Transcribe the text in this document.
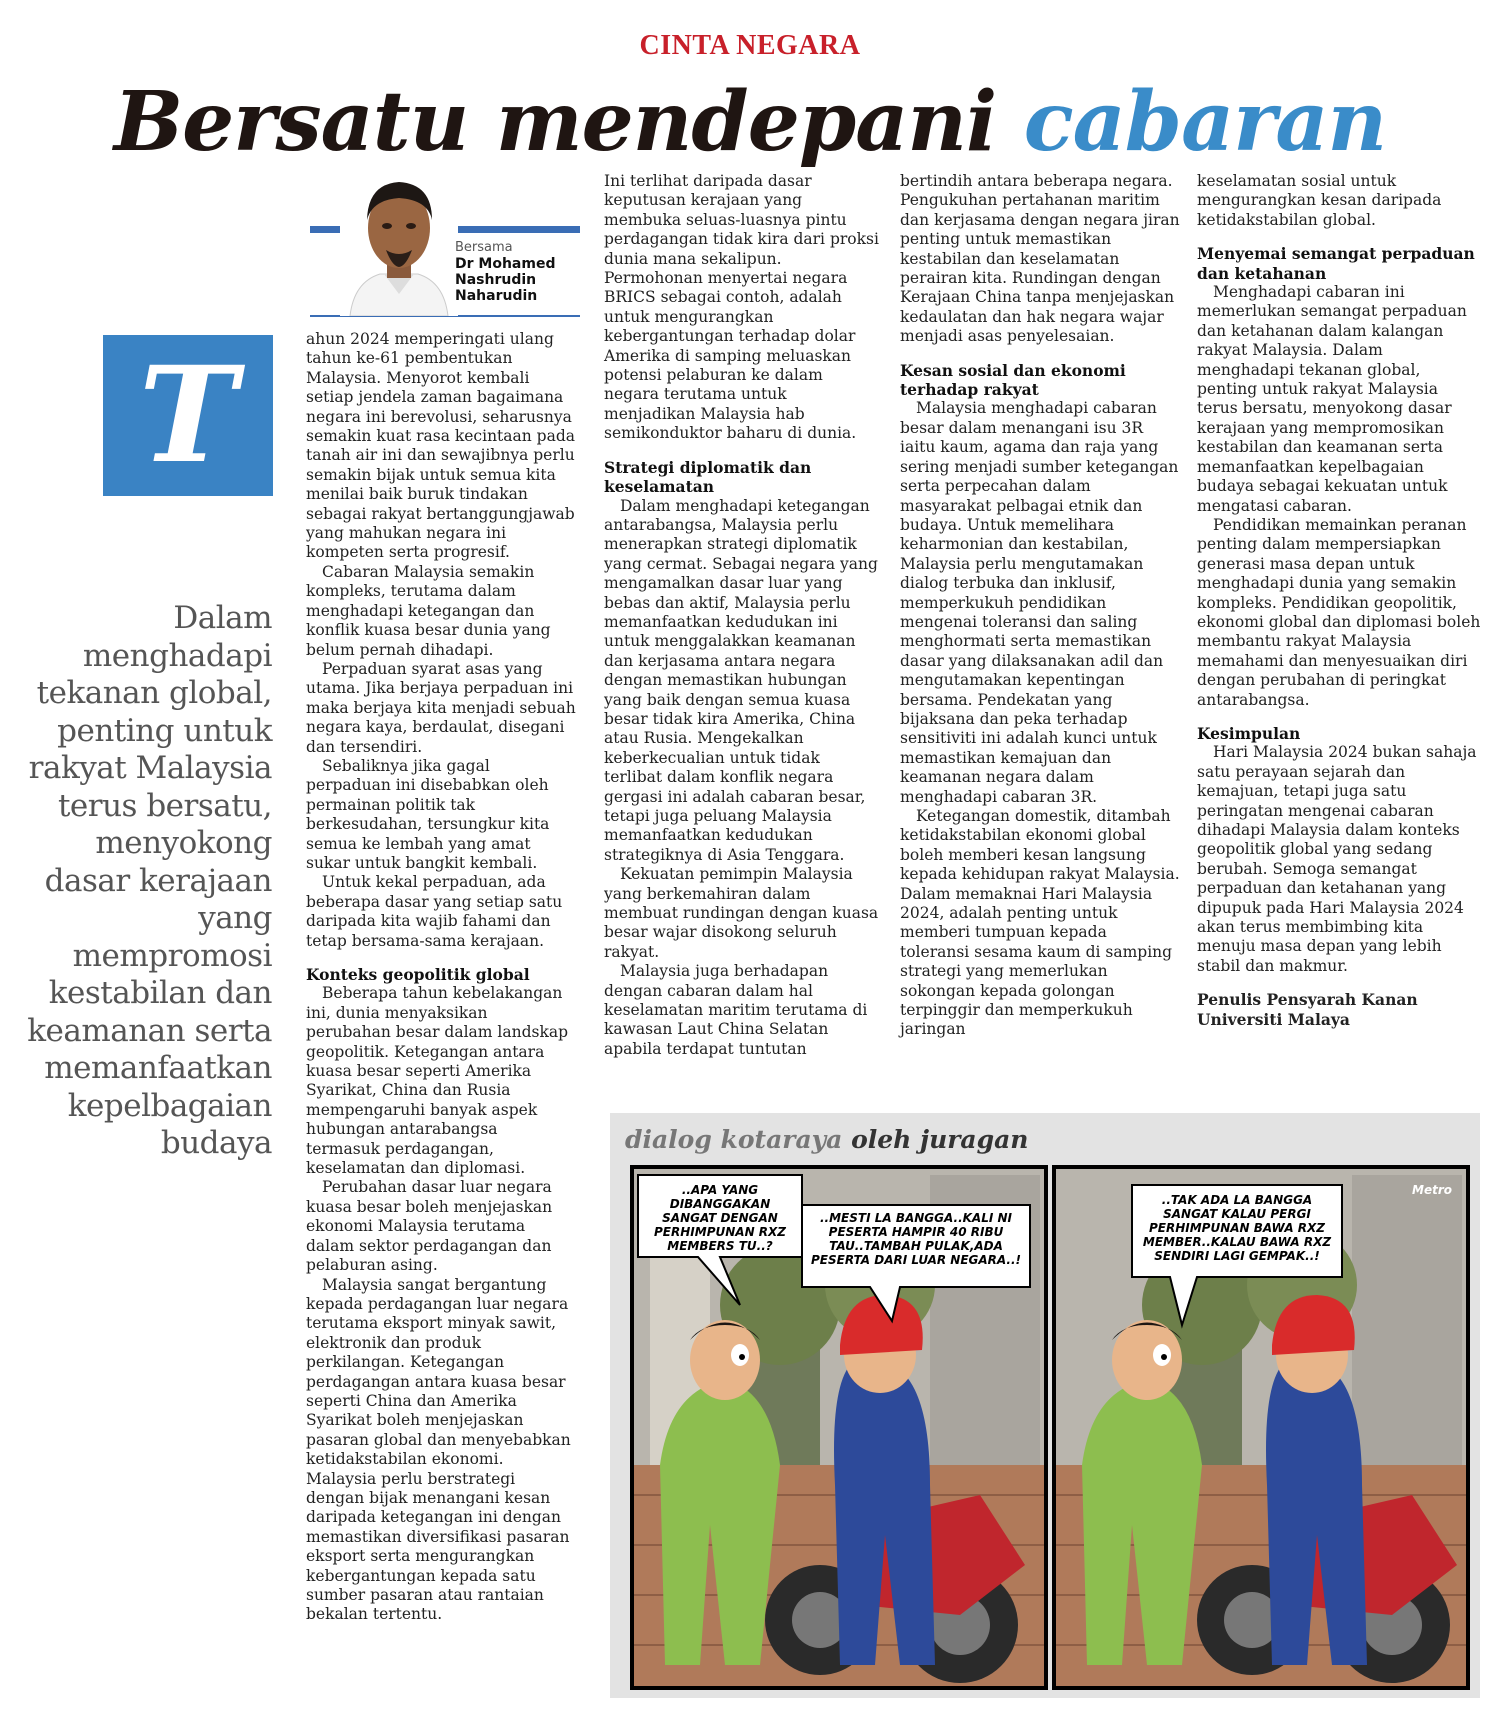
CINTA NEGARA
Bersatu mendepani cabaran
Bersama
Dr Mohamed
Nashrudin
Naharudin
T
Dalam menghadapi tekanan global, penting untuk rakyat Malaysia terus bersatu, menyokong dasar kerajaan yang mempromosi kestabilan dan keamanan serta memanfaatkan kepelbagaian budaya

ahun 2024 memperingati ulang tahun ke-61 pembentukan Malaysia. Menyorot kembali setiap jendela zaman bagaimana negara ini berevolusi, seharusnya semakin kuat rasa kecintaan pada tanah air ini dan sewajibnya perlu semakin bijak untuk semua kita menilai baik buruk tindakan sebagai rakyat bertanggungjawab yang mahukan negara ini kompeten serta progresif.

Cabaran Malaysia semakin kompleks, terutama dalam menghadapi ketegangan dan konflik kuasa besar dunia yang belum pernah dihadapi.

Perpaduan syarat asas yang utama. Jika berjaya perpaduan ini maka berjaya kita menjadi sebuah negara kaya, berdaulat, disegani dan tersendiri.

Sebaliknya jika gagal perpaduan ini disebabkan oleh permainan politik tak berkesudahan, tersungkur kita semua ke lembah yang amat sukar untuk bangkit kembali.

Untuk kekal perpaduan, ada beberapa dasar yang setiap satu daripada kita wajib fahami dan tetap bersama-sama kerajaan.

Konteks geopolitik global

Beberapa tahun kebelakangan ini, dunia menyaksikan perubahan besar dalam landskap geopolitik. Ketegangan antara kuasa besar seperti Amerika Syarikat, China dan Rusia mempengaruhi banyak aspek hubungan antarabangsa termasuk perdagangan, keselamatan dan diplomasi.

Perubahan dasar luar negara kuasa besar boleh menjejaskan ekonomi Malaysia terutama dalam sektor perdagangan dan pelaburan asing.

Malaysia sangat bergantung kepada perdagangan luar negara terutama eksport minyak sawit, elektronik dan produk perkilangan. Ketegangan perdagangan antara kuasa besar seperti China dan Amerika Syarikat boleh menjejaskan pasaran global dan menyebabkan ketidakstabilan ekonomi. Malaysia perlu berstrategi dengan bijak menangani kesan daripada ketegangan ini dengan memastikan diversifikasi pasaran eksport serta mengurangkan kebergantungan kepada satu sumber pasaran atau rantaian bekalan tertentu.

Ini terlihat daripada dasar keputusan kerajaan yang membuka seluas-luasnya pintu perdagangan tidak kira dari proksi dunia mana sekalipun. Permohonan menyertai negara BRICS sebagai contoh, adalah untuk mengurangkan kebergantungan terhadap dolar Amerika di samping meluaskan potensi pelaburan ke dalam negara terutama untuk menjadikan Malaysia hab semikonduktor baharu di dunia.

Strategi diplomatik dan keselamatan

Dalam menghadapi ketegangan antarabangsa, Malaysia perlu menerapkan strategi diplomatik yang cermat. Sebagai negara yang mengamalkan dasar luar yang bebas dan aktif, Malaysia perlu memanfaatkan kedudukan ini untuk menggalakkan keamanan dan kerjasama antara negara dengan memastikan hubungan yang baik dengan semua kuasa besar tidak kira Amerika, China atau Rusia. Mengekalkan keberkecualian untuk tidak terlibat dalam konflik negara gergasi ini adalah cabaran besar, tetapi juga peluang Malaysia memanfaatkan kedudukan strategiknya di Asia Tenggara.

Kekuatan pemimpin Malaysia yang berkemahiran dalam membuat rundingan dengan kuasa besar wajar disokong seluruh rakyat.

Malaysia juga berhadapan dengan cabaran dalam hal keselamatan maritim terutama di kawasan Laut China Selatan apabila terdapat tuntutan

bertindih antara beberapa negara. Pengukuhan pertahanan maritim dan kerjasama dengan negara jiran penting untuk memastikan kestabilan dan keselamatan perairan kita. Rundingan dengan Kerajaan China tanpa menjejaskan kedaulatan dan hak negara wajar menjadi asas penyelesaian.

Kesan sosial dan ekonomi terhadap rakyat

Malaysia menghadapi cabaran besar dalam menangani isu 3R iaitu kaum, agama dan raja yang sering menjadi sumber ketegangan serta perpecahan dalam masyarakat pelbagai etnik dan budaya. Untuk memelihara keharmonian dan kestabilan, Malaysia perlu mengutamakan dialog terbuka dan inklusif, memperkukuh pendidikan mengenai toleransi dan saling menghormati serta memastikan dasar yang dilaksanakan adil dan mengutamakan kepentingan bersama. Pendekatan yang bijaksana dan peka terhadap sensitiviti ini adalah kunci untuk memastikan kemajuan dan keamanan negara dalam menghadapi cabaran 3R.

Ketegangan domestik, ditambah ketidakstabilan ekonomi global boleh memberi kesan langsung kepada kehidupan rakyat Malaysia. Dalam memaknai Hari Malaysia 2024, adalah penting untuk memberi tumpuan kepada toleransi sesama kaum di samping strategi yang memerlukan sokongan kepada golongan terpinggir dan memperkukuh jaringan

keselamatan sosial untuk mengurangkan kesan daripada ketidakstabilan global.

Menyemai semangat perpaduan dan ketahanan

Menghadapi cabaran ini memerlukan semangat perpaduan dan ketahanan dalam kalangan rakyat Malaysia. Dalam menghadapi tekanan global, penting untuk rakyat Malaysia terus bersatu, menyokong dasar kerajaan yang mempromosikan kestabilan dan keamanan serta memanfaatkan kepelbagaian budaya sebagai kekuatan untuk mengatasi cabaran.

Pendidikan memainkan peranan penting dalam mempersiapkan generasi masa depan untuk menghadapi dunia yang semakin kompleks. Pendidikan geopolitik, ekonomi global dan diplomasi boleh membantu rakyat Malaysia memahami dan menyesuaikan diri dengan perubahan di peringkat antarabangsa.

Kesimpulan

Hari Malaysia 2024 bukan sahaja satu perayaan sejarah dan kemajuan, tetapi juga satu peringatan mengenai cabaran dihadapi Malaysia dalam konteks geopolitik global yang sedang berubah. Semoga semangat perpaduan dan ketahanan yang dipupuk pada Hari Malaysia 2024 akan terus membimbing kita menuju masa depan yang lebih stabil dan makmur.

Penulis Pensyarah Kanan
Universiti Malaya

dialog kotaraya oleh juragan
..APA YANG DIBANGGAKAN SANGAT DENGAN PERHIMPUNAN RXZ MEMBERS TU..?
..MESTI LA BANGGA..KALI NI PESERTA HAMPIR 40 RIBU TAU..TAMBAH PULAK,ADA PESERTA DARI LUAR NEGARA..!
..TAK ADA LA BANGGA SANGAT KALAU PERGI PERHIMPUNAN BAWA RXZ MEMBER..KALAU BAWA RXZ SENDIRI LAGI GEMPAK..!
Metro
